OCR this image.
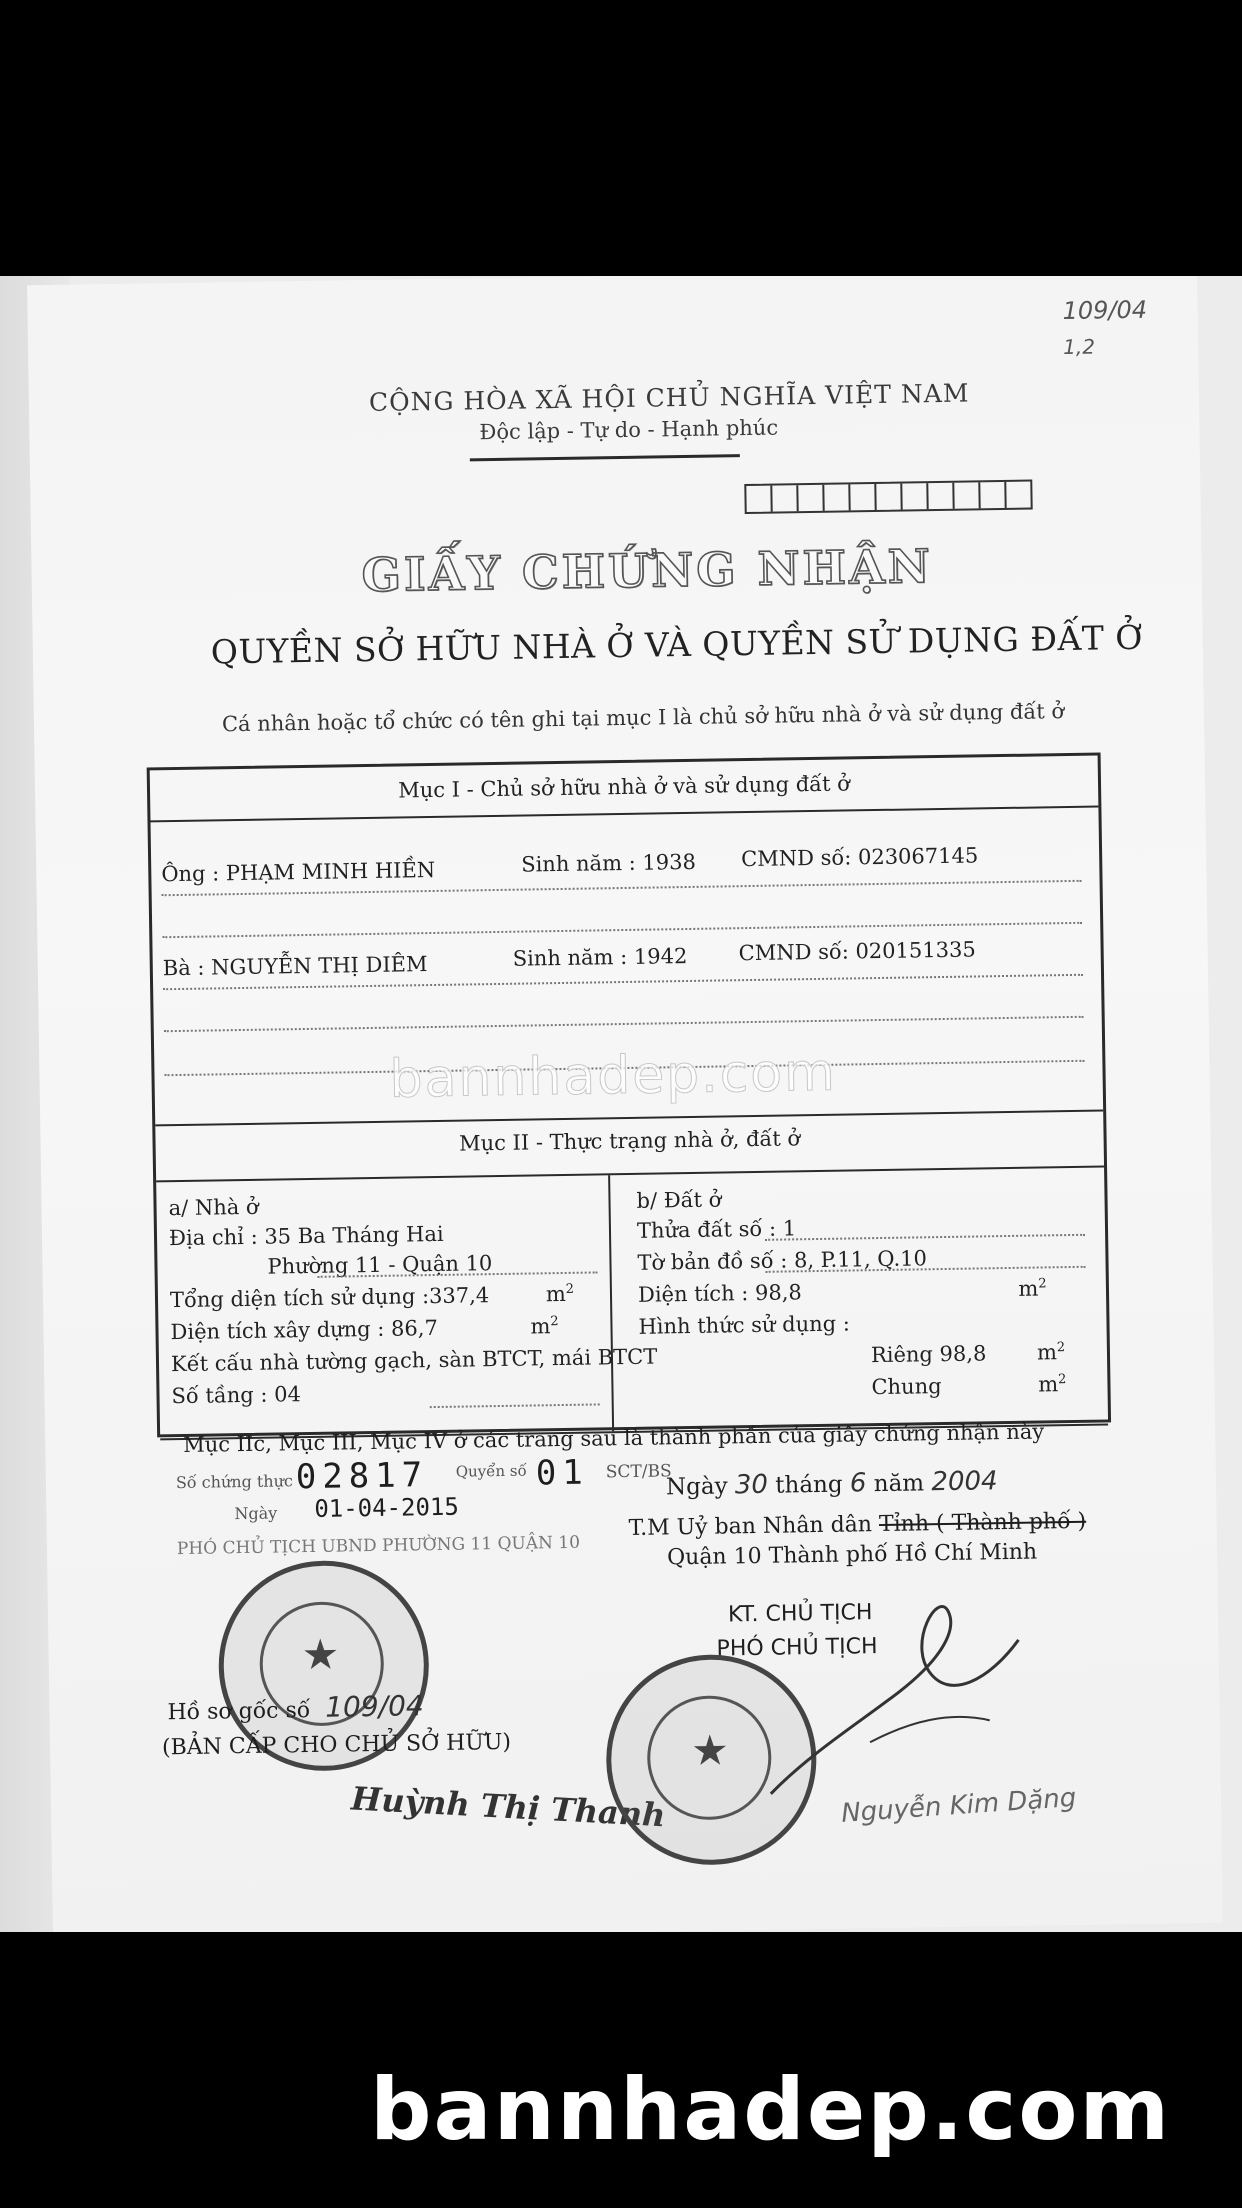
109/04
1,2
CỘNG HÒA XÃ HỘI CHỦ NGHĨA VIỆT NAM
Độc lập - Tự do - Hạnh phúc
GIẤY CHỨNG NHẬN
QUYỀN SỞ HỮU NHÀ Ở VÀ QUYỀN SỬ DỤNG ĐẤT Ở
Cá nhân hoặc tổ chức có tên ghi tại mục I là chủ sở hữu nhà ở và sử dụng đất ở
Mục I - Chủ sở hữu nhà ở và sử dụng đất ở
Ông : PHẠM MINH HIỀN	Sinh năm : 1938 CMND số: 023067145
Bà : NGUYỄN THỊ DIÊM	Sinh năm : 1942 CMND số: 020151335
Mục II - Thực trạng nhà ở, đất ở
a/ Nhà ở
Địa chỉ : 35 Ba Tháng Hai
Phường 11 - Quận 10
Tổng diện tích sử dụng :337,4	$m^2$
Diện tích xây dựng : 86,7	$m^2$
Kết cấu nhà tường gạch, sàn BTCT, mái BTCT
Số tầng : 04
b/ Đất ở
Thửa đất số : 1
Tờ bản đồ số : 8, P.11, Q.10
Diện tích : 98,8	$m^2$
Hình thức sử dụng :
Riêng 98,8 $m^2$
Chung	$m^2$
Mục IIc, Mục III, Mục IV ở các trang sau là thành phần của giấy chứng nhận này
Số chứng thực 02817 Quyển số 01 SCT/BS
Ngày 01-04-2015
PHÓ CHỦ TỊCH UBND PHƯỜNG 11 QUẬN 10
Ngày 30 tháng 6 năm 2004
T.M Uỷ ban Nhân dân Tỉnh ( Thành phố )
Quận 10 Thành phố Hồ Chí Minh
KT. CHỦ TỊCH
PHÓ CHỦ TỊCH
★
Hồ sơ gốc số 109/04
(BẢN CẤP CHO CHỦ SỞ HỮU)
Huỳnh Thị Thanh
★
Nguyễn Kim Dặng
bannhadep.com
bannhadep.com
